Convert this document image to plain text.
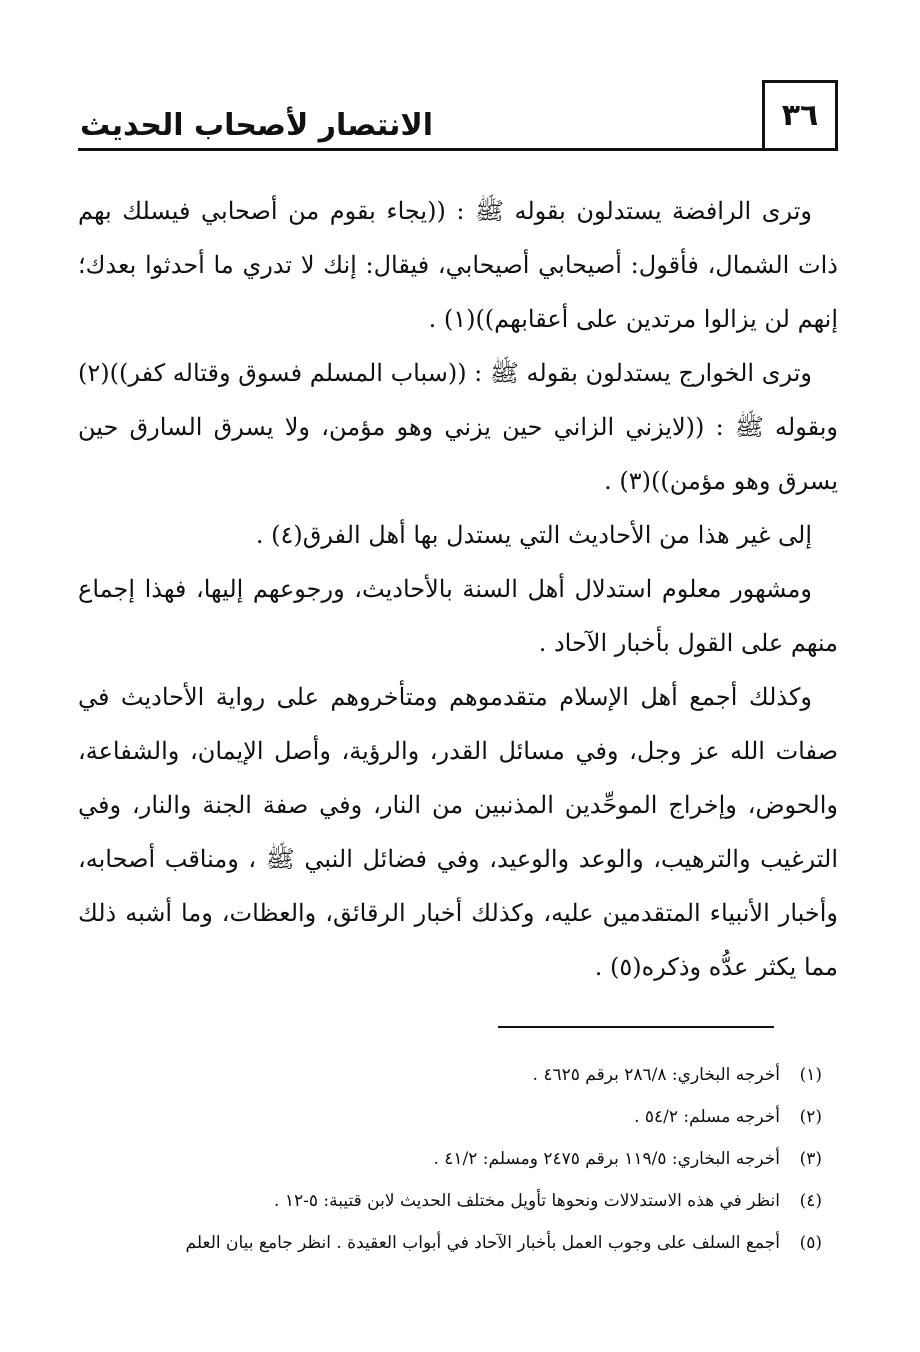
٣٦
الانتصار لأصحاب الحديث

وترى الرافضة يستدلون بقوله ﷺ : ((يجاء بقوم من أصحابي فيسلك بهم ذات الشمال، فأقول: أصيحابي أصيحابي، فيقال: إنك لا تدري ما أحدثوا بعدك؛ إنهم لن يزالوا مرتدين على أعقابهم))(١) .

وترى الخوارج يستدلون بقوله ﷺ : ((سباب المسلم فسوق وقتاله كفر))(٢) وبقوله ﷺ : ((لايزني الزاني حين يزني وهو مؤمن، ولا يسرق السارق حين يسرق وهو مؤمن))(٣) .

إلى غير هذا من الأحاديث التي يستدل بها أهل الفرق(٤) .

ومشهور معلوم استدلال أهل السنة بالأحاديث، ورجوعهم إليها، فهذا إجماع منهم على القول بأخبار الآحاد .

وكذلك أجمع أهل الإسلام متقدموهم ومتأخروهم على رواية الأحاديث في صفات الله عز وجل، وفي مسائل القدر، والرؤية، وأصل الإيمان، والشفاعة، والحوض، وإخراج الموحِّدين المذنبين من النار، وفي صفة الجنة والنار، وفي الترغيب والترهيب، والوعد والوعيد، وفي فضائل النبي ﷺ ، ومناقب أصحابه، وأخبار الأنبياء المتقدمين عليه، وكذلك أخبار الرقائق، والعظات، وما أشبه ذلك مما يكثر عدُّه وذكره(٥) .

(١)
أخرجه البخاري: ٢٨٦/٨ برقم ٤٦٢٥ .
(٢)
أخرجه مسلم: ٥٤/٢ .
(٣)
أخرجه البخاري: ١١٩/٥ برقم ٢٤٧٥ ومسلم: ٤١/٢ .
(٤)
انظر في هذه الاستدلالات ونحوها تأويل مختلف الحديث لابن قتيبة: ٥-١٢ .
(٥)
أجمع السلف على وجوب العمل بأخبار الآحاد في أبواب العقيدة . انظر جامع بيان العلم
